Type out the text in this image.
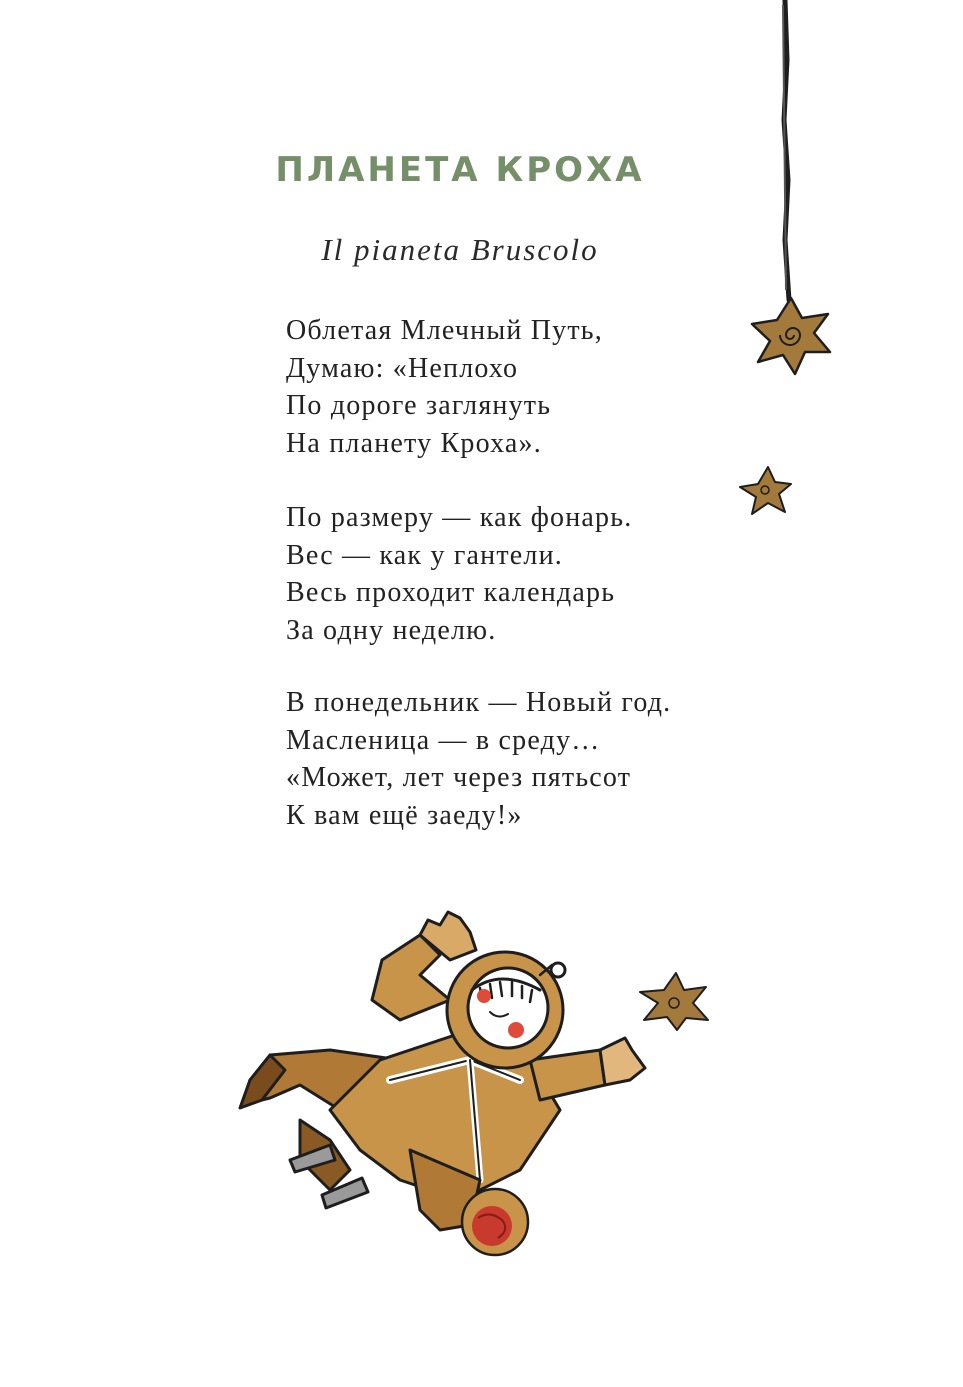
ПЛАНЕТА КРОХА
Il pianeta Bruscolo
Облетая Млечный Путь,
Думаю: «Неплохо
По дороге заглянуть
На планету Кроха».
По размеру — как фонарь.
Вес — как у гантели.
Весь проходит календарь
За одну неделю.
В понедельник — Новый год.
Масленица — в среду…
«Может, лет через пятьсот
К вам ещё заеду!»
